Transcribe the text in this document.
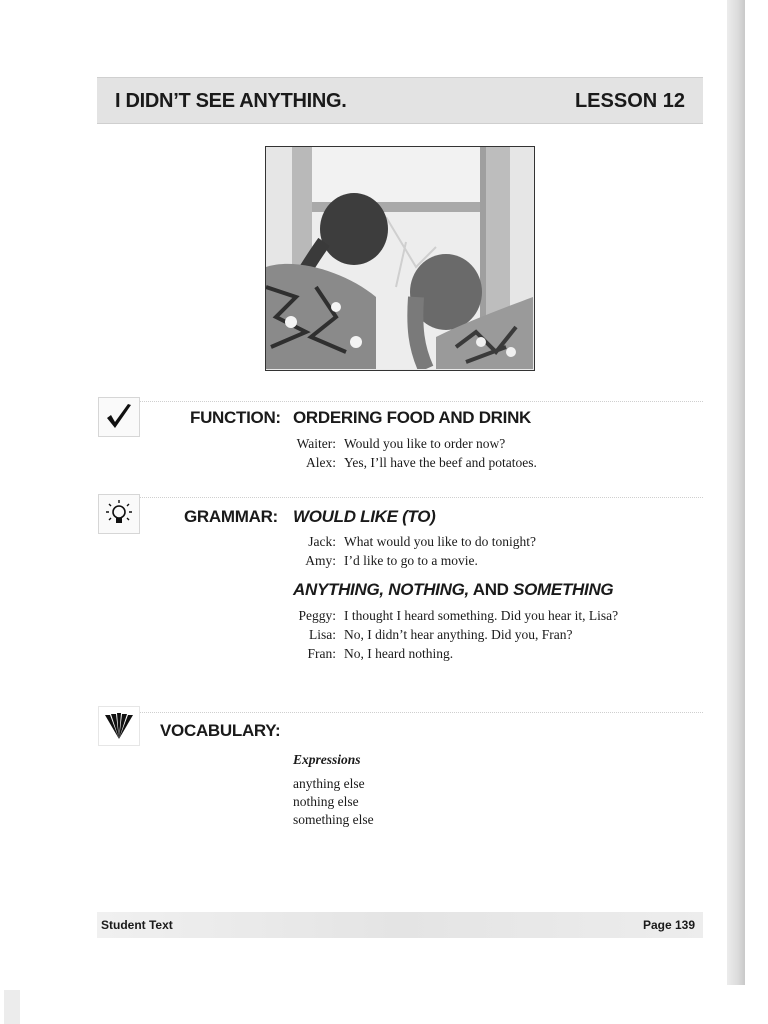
I DIDN’T SEE ANYTHING.	LESSON 12
FUNCTION: ORDERING FOOD AND DRINK
Waiter: Would you like to order now?
Alex: Yes, I’ll have the beef and potatoes.
GRAMMAR: WOULD LIKE (TO)
Jack: What would you like to do tonight?
Amy: I’d like to go to a movie.
ANYTHING, NOTHING, AND SOMETHING
Peggy: I thought I heard something. Did you hear it, Lisa?
Lisa: No, I didn’t hear anything. Did you, Fran?
Fran: No, I heard nothing.
VOCABULARY:
Expressions
anything else
nothing else
something else
Student Text	Page 139
